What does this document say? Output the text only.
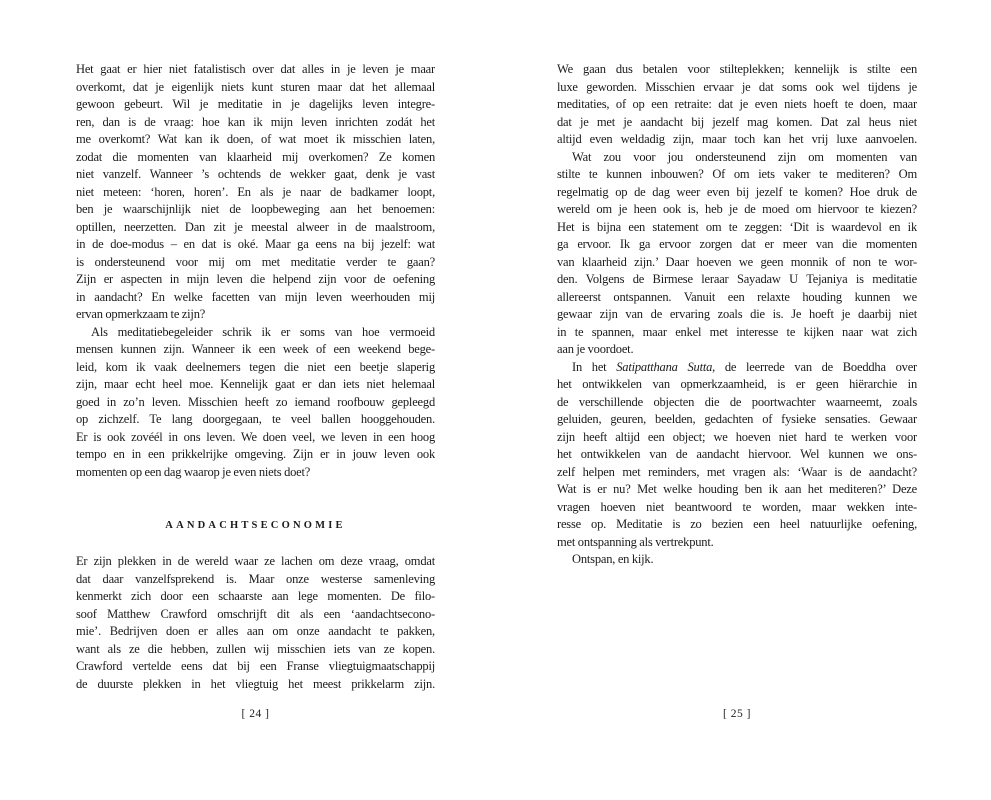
Het gaat er hier niet fatalistisch over dat alles in je leven je maar
overkomt, dat je eigenlijk niets kunt sturen maar dat het allemaal
gewoon gebeurt. Wil je meditatie in je dagelijks leven integre-
ren, dan is de vraag: hoe kan ik mijn leven inrichten zodát het
me overkomt? Wat kan ik doen, of wat moet ik misschien laten,
zodat die momenten van klaarheid mij overkomen? Ze komen
niet vanzelf. Wanneer ’s ochtends de wekker gaat, denk je vast
niet meteen: ‘horen, horen’. En als je naar de badkamer loopt,
ben je waarschijnlijk niet de loopbeweging aan het benoemen:
optillen, neerzetten. Dan zit je meestal alweer in de maalstroom,
in de doe-modus – en dat is oké. Maar ga eens na bij jezelf: wat
is ondersteunend voor mij om met meditatie verder te gaan?
Zijn er aspecten in mijn leven die helpend zijn voor de oefening
in aandacht? En welke facetten van mijn leven weerhouden mij
ervan opmerkzaam te zijn?
Als meditatiebegeleider schrik ik er soms van hoe vermoeid
mensen kunnen zijn. Wanneer ik een week of een weekend bege-
leid, kom ik vaak deelnemers tegen die niet een beetje slaperig
zijn, maar echt heel moe. Kennelijk gaat er dan iets niet helemaal
goed in zo’n leven. Misschien heeft zo iemand roofbouw gepleegd
op zichzelf. Te lang doorgegaan, te veel ballen hooggehouden.
Er is ook zovéél in ons leven. We doen veel, we leven in een hoog
tempo en in een prikkelrijke omgeving. Zijn er in jouw leven ook
momenten op een dag waarop je even niets doet?
AANDACHTSECONOMIE
Er zijn plekken in de wereld waar ze lachen om deze vraag, omdat
dat daar vanzelfsprekend is. Maar onze westerse samenleving
kenmerkt zich door een schaarste aan lege momenten. De filo-
soof Matthew Crawford omschrijft dit als een ‘aandachtsecono-
mie’. Bedrijven doen er alles aan om onze aandacht te pakken,
want als ze die hebben, zullen wij misschien iets van ze kopen.
Crawford vertelde eens dat bij een Franse vliegtuigmaatschappij
de duurste plekken in het vliegtuig het meest prikkelarm zijn.
[ 24 ]
We gaan dus betalen voor stilteplekken; kennelijk is stilte een
luxe geworden. Misschien ervaar je dat soms ook wel tijdens je
meditaties, of op een retraite: dat je even niets hoeft te doen, maar
dat je met je aandacht bij jezelf mag komen. Dat zal heus niet
altijd even weldadig zijn, maar toch kan het vrij luxe aanvoelen.
Wat zou voor jou ondersteunend zijn om momenten van
stilte te kunnen inbouwen? Of om iets vaker te mediteren? Om
regelmatig op de dag weer even bij jezelf te komen? Hoe druk de
wereld om je heen ook is, heb je de moed om hiervoor te kiezen?
Het is bijna een statement om te zeggen: ‘Dit is waardevol en ik
ga ervoor. Ik ga ervoor zorgen dat er meer van die momenten
van klaarheid zijn.’ Daar hoeven we geen monnik of non te wor-
den. Volgens de Birmese leraar Sayadaw U Tejaniya is meditatie
allereerst ontspannen. Vanuit een relaxte houding kunnen we
gewaar zijn van de ervaring zoals die is. Je hoeft je daarbij niet
in te spannen, maar enkel met interesse te kijken naar wat zich
aan je voordoet.
In het Satipatthana Sutta, de leerrede van de Boeddha over
het ontwikkelen van opmerkzaamheid, is er geen hiërarchie in
de verschillende objecten die de poortwachter waarneemt, zoals
geluiden, geuren, beelden, gedachten of fysieke sensaties. Gewaar
zijn heeft altijd een object; we hoeven niet hard te werken voor
het ontwikkelen van de aandacht hiervoor. Wel kunnen we ons-
zelf helpen met reminders, met vragen als: ‘Waar is de aandacht?
Wat is er nu? Met welke houding ben ik aan het mediteren?’ Deze
vragen hoeven niet beantwoord te worden, maar wekken inte-
resse op. Meditatie is zo bezien een heel natuurlijke oefening,
met ontspanning als vertrekpunt.
Ontspan, en kijk.
[ 25 ]
